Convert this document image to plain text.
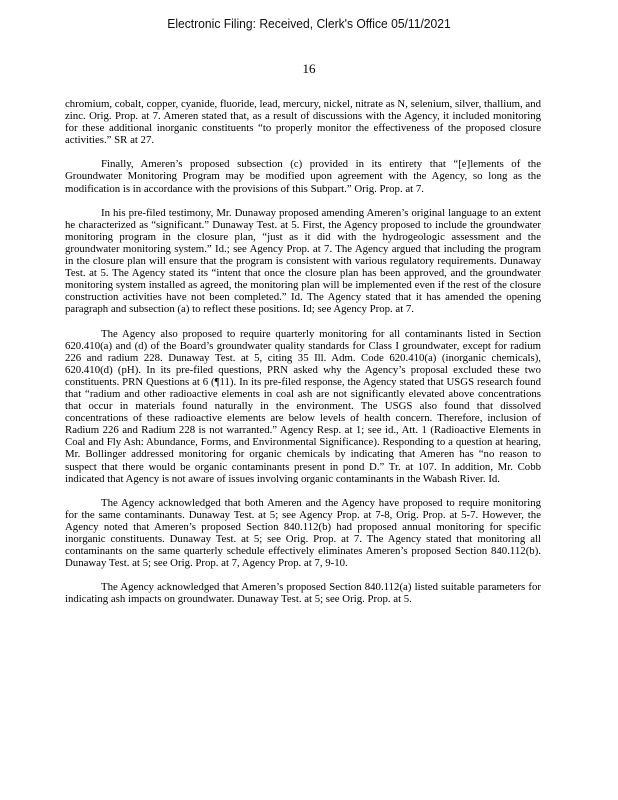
Electronic Filing: Received, Clerk's Office 05/11/2021
16

chromium, cobalt, copper, cyanide, fluoride, lead, mercury, nickel, nitrate as N, selenium, silver, thallium, and zinc. Orig. Prop. at 7. Ameren stated that, as a result of discussions with the Agency, it included monitoring for these additional inorganic constituents “to properly monitor the effectiveness of the proposed closure activities.” SR at 27.

Finally, Ameren’s proposed subsection (c) provided in its entirety that “[e]lements of the Groundwater Monitoring Program may be modified upon agreement with the Agency, so long as the modification is in accordance with the provisions of this Subpart.” Orig. Prop. at 7.

In his pre-filed testimony, Mr. Dunaway proposed amending Ameren’s original language to an extent he characterized as “significant.” Dunaway Test. at 5. First, the Agency proposed to include the groundwater monitoring program in the closure plan, “just as it did with the hydrogeologic assessment and the groundwater monitoring system.” Id.; see Agency Prop. at 7. The Agency argued that including the program in the closure plan will ensure that the program is consistent with various regulatory requirements. Dunaway Test. at 5. The Agency stated its “intent that once the closure plan has been approved, and the groundwater monitoring system installed as agreed, the monitoring plan will be implemented even if the rest of the closure construction activities have not been completed.” Id. The Agency stated that it has amended the opening paragraph and subsection (a) to reflect these positions. Id; see Agency Prop. at 7.

The Agency also proposed to require quarterly monitoring for all contaminants listed in Section 620.410(a) and (d) of the Board’s groundwater quality standards for Class I groundwater, except for radium 226 and radium 228. Dunaway Test. at 5, citing 35 Ill. Adm. Code 620.410(a) (inorganic chemicals), 620.410(d) (pH). In its pre-filed questions, PRN asked why the Agency’s proposal excluded these two constituents. PRN Questions at 6 (¶11). In its pre-filed response, the Agency stated that USGS research found that “radium and other radioactive elements in coal ash are not significantly elevated above concentrations that occur in materials found naturally in the environment. The USGS also found that dissolved concentrations of these radioactive elements are below levels of health concern. Therefore, inclusion of Radium 226 and Radium 228 is not warranted.” Agency Resp. at 1; see id., Att. 1 (Radioactive Elements in Coal and Fly Ash: Abundance, Forms, and Environmental Significance). Responding to a question at hearing, Mr. Bollinger addressed monitoring for organic chemicals by indicating that Ameren has “no reason to suspect that there would be organic contaminants present in pond D.” Tr. at 107. In addition, Mr. Cobb indicated that Agency is not aware of issues involving organic contaminants in the Wabash River. Id.

The Agency acknowledged that both Ameren and the Agency have proposed to require monitoring for the same contaminants. Dunaway Test. at 5; see Agency Prop. at 7-8, Orig. Prop. at 5-7. However, the Agency noted that Ameren’s proposed Section 840.112(b) had proposed annual monitoring for specific inorganic constituents. Dunaway Test. at 5; see Orig. Prop. at 7. The Agency stated that monitoring all contaminants on the same quarterly schedule effectively eliminates Ameren’s proposed Section 840.112(b). Dunaway Test. at 5; see Orig. Prop. at 7, Agency Prop. at 7, 9-10.

The Agency acknowledged that Ameren’s proposed Section 840.112(a) listed suitable parameters for indicating ash impacts on groundwater. Dunaway Test. at 5; see Orig. Prop. at 5.
